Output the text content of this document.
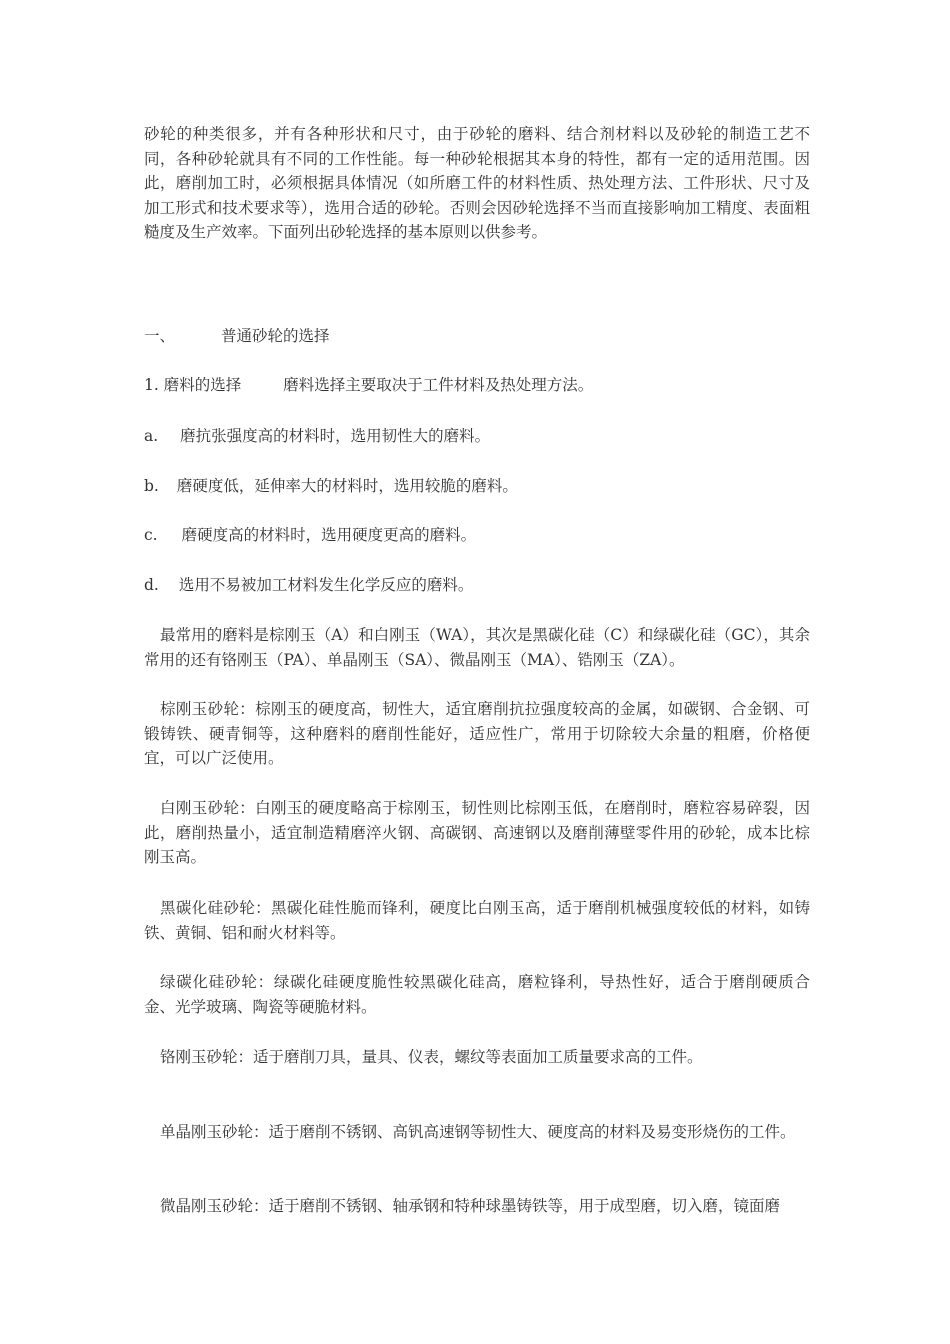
砂轮的种类很多，并有各种形状和尺寸，由于砂轮的磨料、结合剂材料以及砂轮的制造工艺不同，各种砂轮就具有不同的工作性能。每一种砂轮根据其本身的特性，都有一定的适用范围。因此，磨削加工时，必须根据具体情况（如所磨工件的材料性质、热处理方法、工件形状、尺寸及加工形式和技术要求等），选用合适的砂轮。否则会因砂轮选择不当而直接影响加工精度、表面粗糙度及生产效率。下面列出砂轮选择的基本原则以供参考。

一、	普通砂轮的选择
1. 磨料的选择	磨料选择主要取决于工件材料及热处理方法。
a. 磨抗张强度高的材料时，选用韧性大的磨料。
b. 磨硬度低，延伸率大的材料时，选用较脆的磨料。
c. 磨硬度高的材料时，选用硬度更高的磨料。
d. 选用不易被加工材料发生化学反应的磨料。

最常用的磨料是棕刚玉（A）和白刚玉（WA），其次是黑碳化硅（C）和绿碳化硅（GC），其余常用的还有铬刚玉（PA）、单晶刚玉（SA）、微晶刚玉（MA）、锆刚玉（ZA）。

棕刚玉砂轮：棕刚玉的硬度高，韧性大，适宜磨削抗拉强度较高的金属，如碳钢、合金钢、可锻铸铁、硬青铜等，这种磨料的磨削性能好，适应性广，常用于切除较大余量的粗磨，价格便宜，可以广泛使用。

白刚玉砂轮：白刚玉的硬度略高于棕刚玉，韧性则比棕刚玉低，在磨削时，磨粒容易碎裂，因此，磨削热量小，适宜制造精磨淬火钢、高碳钢、高速钢以及磨削薄壁零件用的砂轮，成本比棕刚玉高。

黑碳化硅砂轮：黑碳化硅性脆而锋利，硬度比白刚玉高，适于磨削机械强度较低的材料，如铸铁、黄铜、铝和耐火材料等。

绿碳化硅砂轮：绿碳化硅硬度脆性较黑碳化硅高，磨粒锋利，导热性好，适合于磨削硬质合金、光学玻璃、陶瓷等硬脆材料。

铬刚玉砂轮：适于磨削刀具，量具、仪表，螺纹等表面加工质量要求高的工件。

单晶刚玉砂轮：适于磨削不锈钢、高钒高速钢等韧性大、硬度高的材料及易变形烧伤的工件。

微晶刚玉砂轮：适于磨削不锈钢、轴承钢和特种球墨铸铁等，用于成型磨，切入磨，镜面磨
